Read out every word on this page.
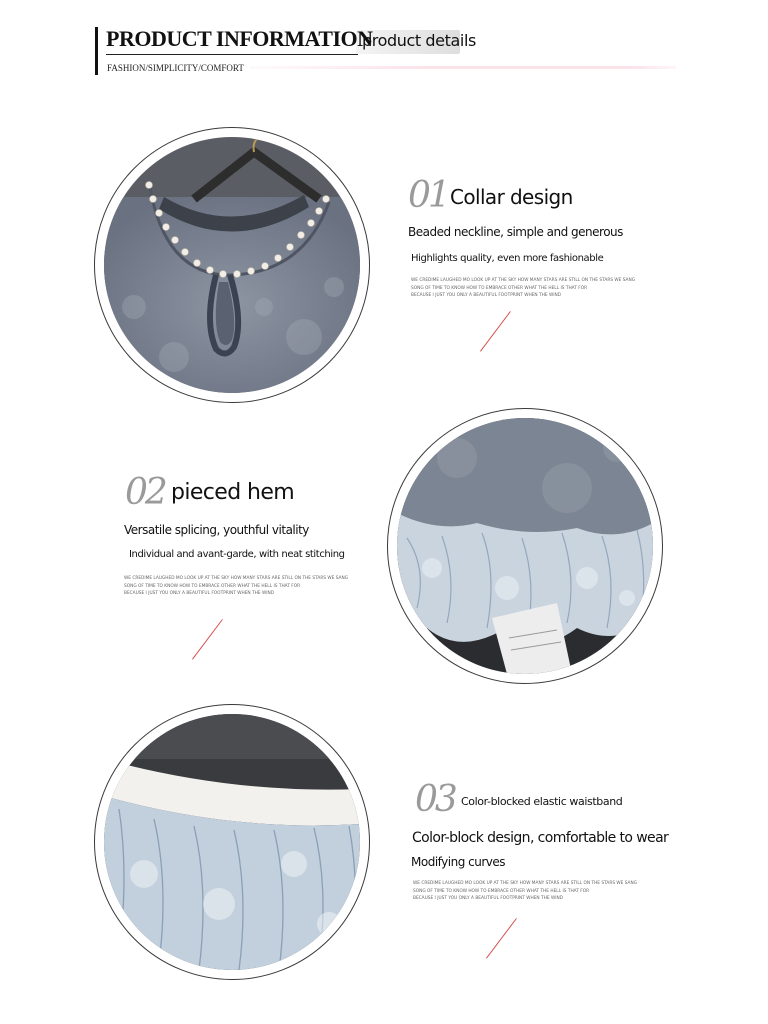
PRODUCT INFORMATION
product details
FASHION/SIMPLICITY/COMFORT
01 Collar design
Beaded neckline, simple and generous
Highlights quality, even more fashionable
WE CREDIME LAUGHED MO LOOK UP AT THE SKY HOW MANY STARS ARE STILL ON THE STARS WE SANG
SONG OF TIME TO KNOW HOW TO EMBRACE OTHER WHAT THE HELL IS THAT FOR
BECAUSE I JUST YOU ONLY A BEAUTIFUL FOOTPRINT WHEN THE WIND
02 pieced hem
Versatile splicing, youthful vitality
Individual and avant-garde, with neat stitching
WE CREDIME LAUGHED MO LOOK UP AT THE SKY HOW MANY STARS ARE STILL ON THE STARS WE SANG
SONG OF TIME TO KNOW HOW TO EMBRACE OTHER WHAT THE HELL IS THAT FOR
BECAUSE I JUST YOU ONLY A BEAUTIFUL FOOTPRINT WHEN THE WIND
03 Color-blocked elastic waistband
Color-block design, comfortable to wear
Modifying curves
WE CREDIME LAUGHED MO LOOK UP AT THE SKY HOW MANY STARS ARE STILL ON THE STARS WE SANG
SONG OF TIME TO KNOW HOW TO EMBRACE OTHER WHAT THE HELL IS THAT FOR
BECAUSE I JUST YOU ONLY A BEAUTIFUL FOOTPRINT WHEN THE WIND
